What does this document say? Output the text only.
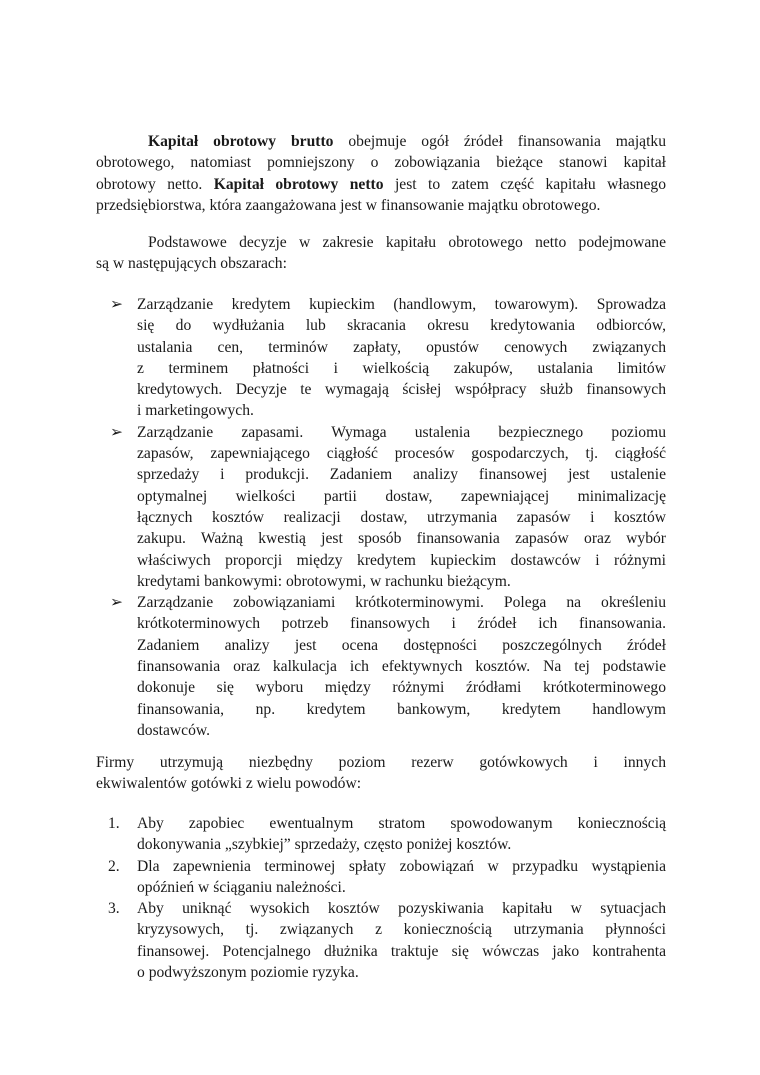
Kapitał obrotowy brutto obejmuje ogół źródeł finansowania majątku
obrotowego, natomiast pomniejszony o zobowiązania bieżące stanowi kapitał
obrotowy netto. Kapitał obrotowy netto jest to zatem część kapitału własnego
przedsiębiorstwa, która zaangażowana jest w finansowanie majątku obrotowego.
Podstawowe decyzje w zakresie kapitału obrotowego netto podejmowane
są w następujących obszarach:
➢ Zarządzanie kredytem kupieckim (handlowym, towarowym). Sprowadza
się do wydłużania lub skracania okresu kredytowania odbiorców,
ustalania cen, terminów zapłaty, opustów cenowych związanych
z terminem płatności i wielkością zakupów, ustalania limitów
kredytowych. Decyzje te wymagają ścisłej współpracy służb finansowych
i marketingowych.
➢ Zarządzanie zapasami. Wymaga ustalenia bezpiecznego poziomu
zapasów, zapewniającego ciągłość procesów gospodarczych, tj. ciągłość
sprzedaży i produkcji. Zadaniem analizy finansowej jest ustalenie
optymalnej wielkości partii dostaw, zapewniającej minimalizację
łącznych kosztów realizacji dostaw, utrzymania zapasów i kosztów
zakupu. Ważną kwestią jest sposób finansowania zapasów oraz wybór
właściwych proporcji między kredytem kupieckim dostawców i różnymi
kredytami bankowymi: obrotowymi, w rachunku bieżącym.
➢ Zarządzanie zobowiązaniami krótkoterminowymi. Polega na określeniu
krótkoterminowych potrzeb finansowych i źródeł ich finansowania.
Zadaniem analizy jest ocena dostępności poszczególnych źródeł
finansowania oraz kalkulacja ich efektywnych kosztów. Na tej podstawie
dokonuje się wyboru między różnymi źródłami krótkoterminowego
finansowania, np. kredytem bankowym, kredytem handlowym
dostawców.
Firmy utrzymują niezbędny poziom rezerw gotówkowych i innych
ekwiwalentów gotówki z wielu powodów:
1. Aby zapobiec ewentualnym stratom spowodowanym koniecznością
dokonywania „szybkiej” sprzedaży, często poniżej kosztów.
2. Dla zapewnienia terminowej spłaty zobowiązań w przypadku wystąpienia
opóźnień w ściąganiu należności.
3. Aby uniknąć wysokich kosztów pozyskiwania kapitału w sytuacjach
kryzysowych, tj. związanych z koniecznością utrzymania płynności
finansowej. Potencjalnego dłużnika traktuje się wówczas jako kontrahenta
o podwyższonym poziomie ryzyka.
